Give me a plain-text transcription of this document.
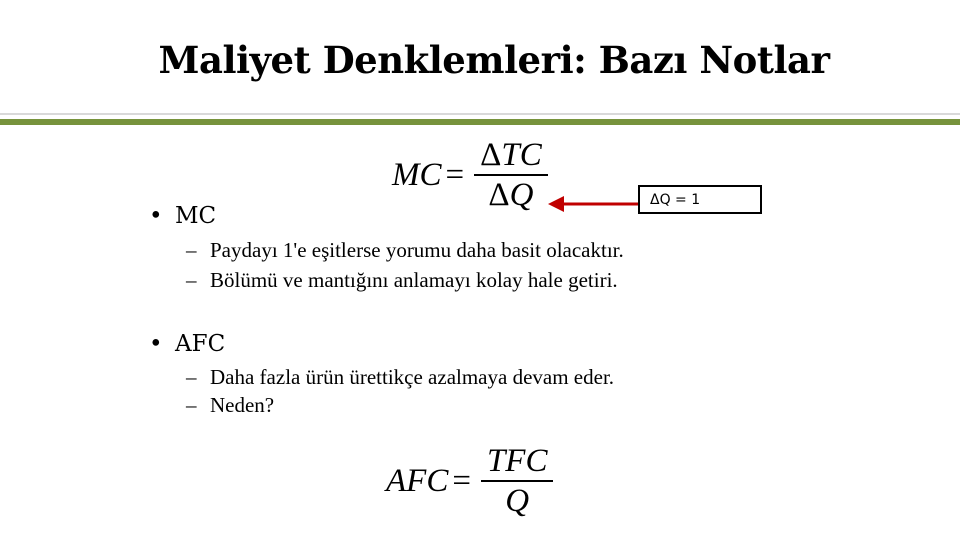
Maliyet Denklemleri: Bazı Notlar
MC = $\frac{\text{ΔTC}}{\Delta Q}$	ΔQ = 1
• MC
– Paydayı 1'e eşitlerse yorumu daha basit olacaktır.
– Bölümü ve mantığını anlamayı kolay hale getiri.
• AFC
– Daha fazla ürün ürettikçe azalmaya devam eder.
– Neden?
AFC = $\frac{\text{TFC}}{Q}$
